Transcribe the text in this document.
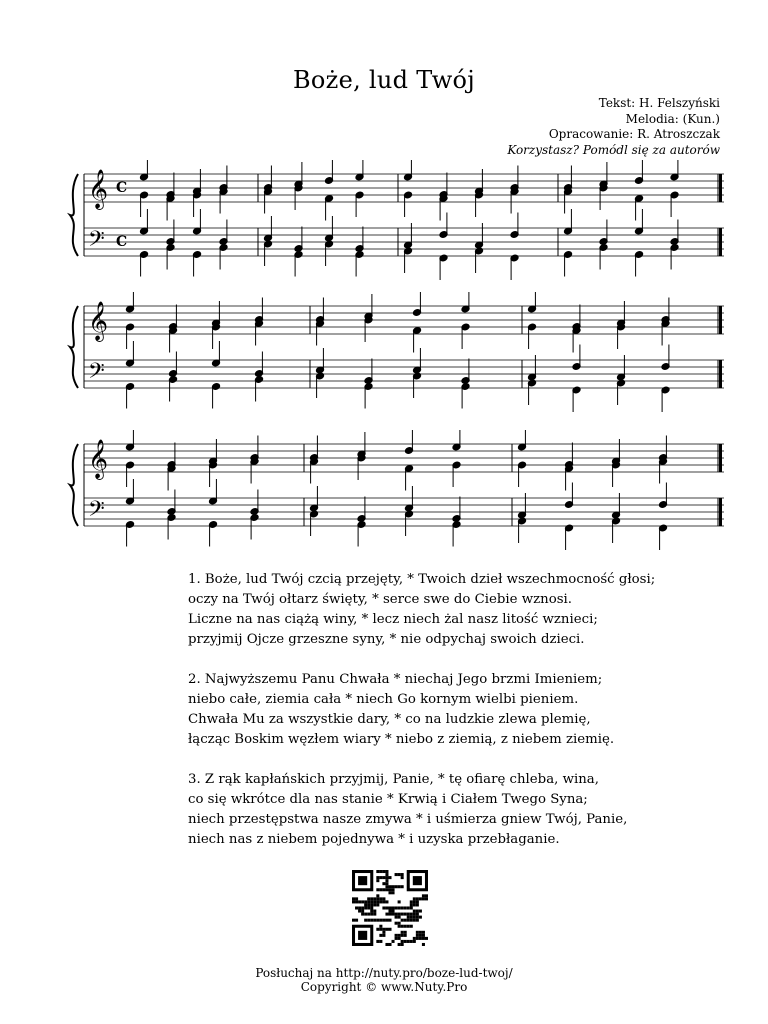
Boże, lud Twój
Tekst: H. Felszyński
Melodia: (Kun.)
Opracowanie: R. Atroszczak
Korzystasz? Pomódl się za autorów
𝄞
𝄢
C
C
𝄞
𝄢
𝄞
𝄢
1. Boże, lud Twój czcią przejęty, * Twoich dzieł wszechmocność głosi;
oczy na Twój ołtarz święty, * serce swe do Ciebie wznosi.
Liczne na nas ciążą winy, * lecz niech żal nasz litość wznieci;
przyjmij Ojcze grzeszne syny, * nie odpychaj swoich dzieci.
2. Najwyższemu Panu Chwała * niechaj Jego brzmi Imieniem;
niebo całe, ziemia cała * niech Go kornym wielbi pieniem.
Chwała Mu za wszystkie dary, * co na ludzkie zlewa plemię,
łącząc Boskim węzłem wiary * niebo z ziemią, z niebem ziemię.
3. Z rąk kapłańskich przyjmij, Panie, * tę ofiarę chleba, wina,
co się wkrótce dla nas stanie * Krwią i Ciałem Twego Syna;
niech przestępstwa nasze zmywa * i uśmierza gniew Twój, Panie,
niech nas z niebem pojednywa * i uzyska przebłaganie.
Posłuchaj na http://nuty.pro/boze-lud-twoj/
Copyright © www.Nuty.Pro
